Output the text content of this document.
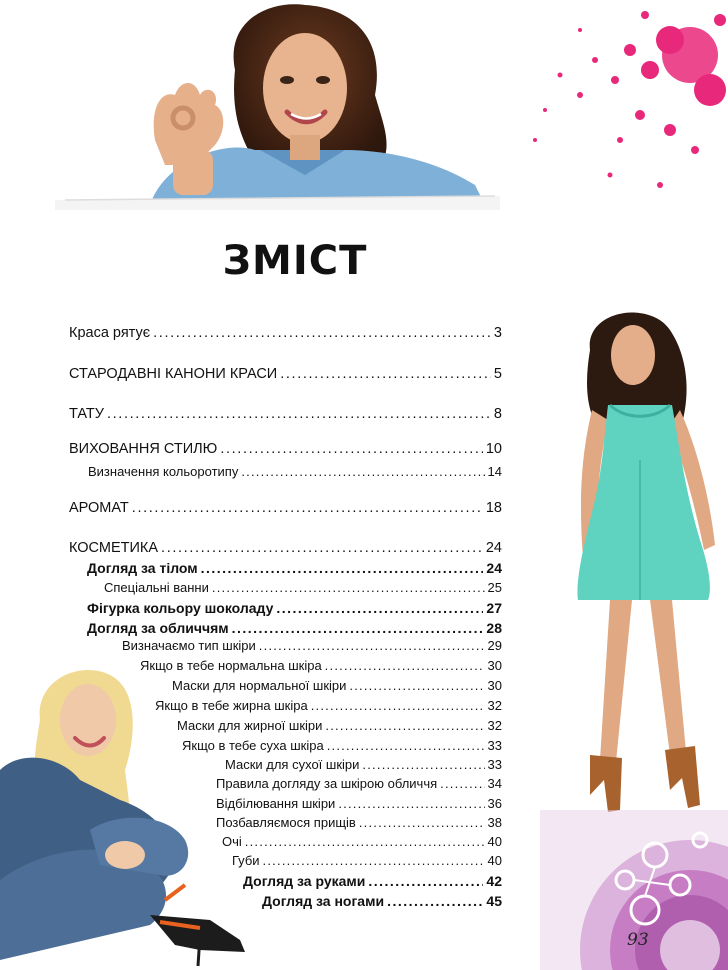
ЗМІСТ
Краса рятує . . .	3
СТАРОДАВНІ КАНОНИ КРАСИ . . .	5
ТАТУ . . .	8
ВИХОВАННЯ СТИЛЮ . . .	10
Визначення кольоротипу . . .	14
АРОМАТ . . .	18
КОСМЕТИКА . . .	24
Догляд за тілом . . .	24
Спеціальні ванни . . .	25
Фігурка кольору шоколаду . . .	27
Догляд за обличчям . . .	28
Визначаємо тип шкіри . . .	29
Якщо в тебе нормальна шкіра . . .	30
Маски для нормальної шкіри . . .	30
Якщо в тебе жирна шкіра . . .	32
Маски для жирної шкіри . . .	32
Якщо в тебе суха шкіра . . .	33
Маски для сухої шкіри . . .	33
Правила догляду за шкірою обличчя . . .	34
Відбілювання шкіри . . .	36
Позбавляємося прищів . . .	38
Очі . . .	40
Губи . . .	40
Догляд за руками . . .	42
Догляд за ногами . . .	45
93
